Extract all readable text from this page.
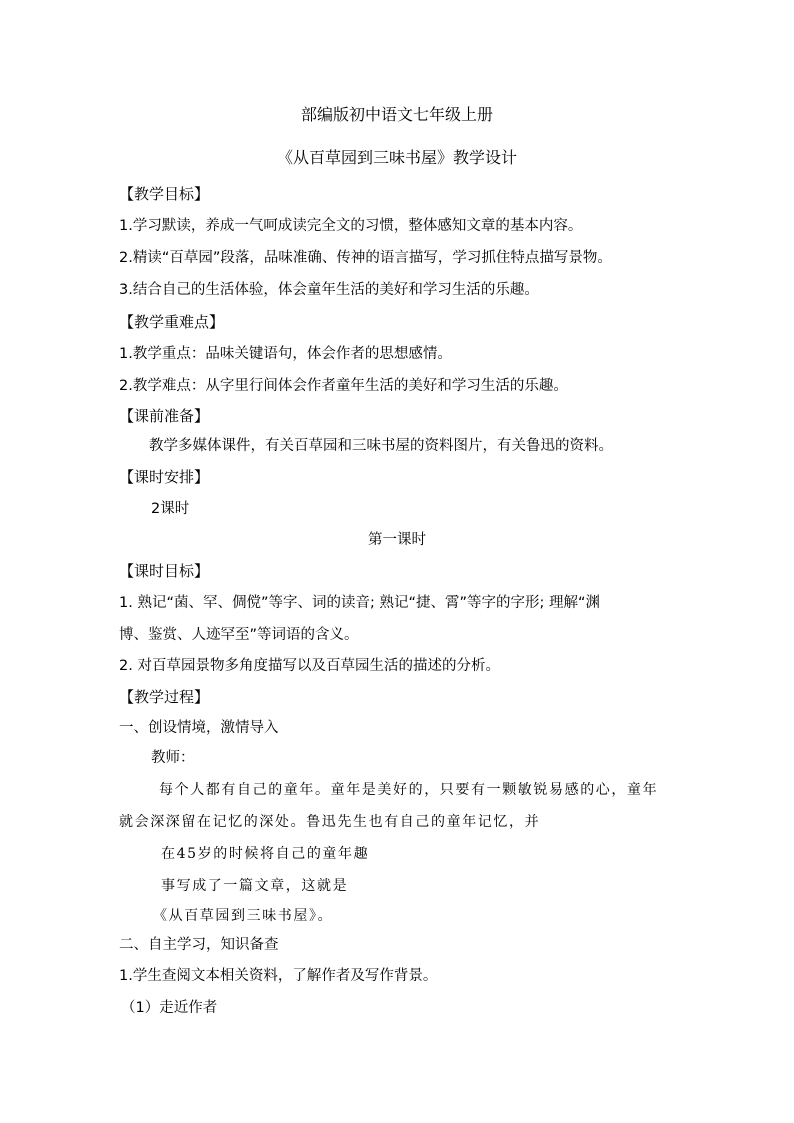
部编版初中语文七年级上册
《从百草园到三味书屋》教学设计
【教学目标】
1.学习默读，养成一气呵成读完全文的习惯，整体感知文章的基本内容。
2.精读“百草园”段落，品味准确、传神的语言描写，学习抓住特点描写景物。
3.结合自己的生活体验，体会童年生活的美好和学习生活的乐趣。
【教学重难点】
1.教学重点：品味关键语句，体会作者的思想感情。
2.教学难点：从字里行间体会作者童年生活的美好和学习生活的乐趣。
【课前准备】
教学多媒体课件，有关百草园和三味书屋的资料图片，有关鲁迅的资料。
【课时安排】
2课时
第一课时
【课时目标】
1. 熟记“菌、罕、倜傥”等字、词的读音; 熟记“捷、霄”等字的字形; 理解“渊
博、鉴赏、人迹罕至”等词语的含义。
2. 对百草园景物多角度描写以及百草园生活的描述的分析。
【教学过程】
一、创设情境，激情导入
教师：
每个人都有自己的童年。童年是美好的，只要有一颗敏锐易感的心，童年
就会深深留在记忆的深处。鲁迅先生也有自己的童年记忆，并
在45岁的时候将自己的童年趣
事写成了一篇文章，这就是
《从百草园到三味书屋》。
二、自主学习，知识备查
1.学生查阅文本相关资料，了解作者及写作背景。
（1）走近作者
